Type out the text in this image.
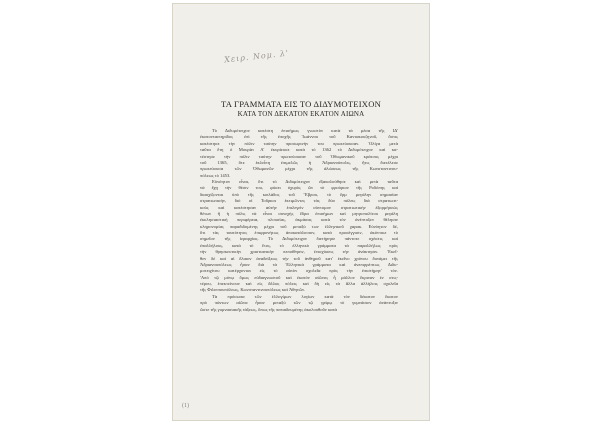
Χειρ. Νομ. λ'
ΤΑ ΓΡΑΜΜΑΤΑ ΕΙΣ ΤΟ ΔΙΔΥΜΟΤΕΙΧΟΝ
ΚΑΤΑ ΤΟΝ ΔΕΚΑΤΟΝ ΕΚΑΤΟΝ ΑΙΩΝΑ
Τὸ Διδυμότειχον κατέστη ἐπισήμως γνωστὸν κατὰ τὰ μέσα τῆς ΙΔ'
ἑκατονταετηρίδος ἐπὶ τῆς ἐποχῆς Ἰωάννου τοῦ Καντακουζηνοῦ, ὅστις
κατέστησε τὴν πόλιν ταύτην προσωρινὴν του πρωτεύουσαν. Ὀλίγα μετὰ
ταῦτα ἔτη ὁ Μουρὰτ Α' ἐκυρίευσε κατὰ τὸ 1362 τὸ Διδυμότειχον καὶ κα-
τέστησε τὴν πόλιν ταύτην πρωτεύουσαν τοῦ Ὀθωμανικοῦ κράτους μέχρι
τοῦ 1365, ὅτε ἐκλεἶπη ἐπιμελῶς ἡ Ἀδριανούπολις, ἥτις διετέλεσε
πρωτεύουσα τῶν Ὀθωμανῶν μέχρι τῆς ἁλώσεως τῆς Κωνσταντινου-
πόλεως τὸ 1453.
Εὐνόητον εἶναι, ὅτι τὸ Διδυμότειχον ἐξακολούθησε καὶ μετὰ ταῦτα
νὰ ἔχῃ τὴν θέσιν του, φύσει ὀχυρὸς ὢν τὸ φρούριον τῆς Ροδόπης καὶ
διασχίζονται ὑπὸ τῆς κοιλάδος τοῦ Ἕβρου, τὸ ἕρμ μεγάλην σημασίαν
στρατιωτικήν, διὸ οἱ Τοῦρκοι ἐκτιμῶντες τὰς δύο πόλεις διὰ στρατιωτι-
κοὺς καὶ κατέστησαν αὐτὴν ἐπιλεγεὶν σύντομον στρατιωτικὴν ἐξορμήσεώς
θέτων ἢ ἡ πόλις νὰ εἶναι συνεχὴς ἕδρα ἐπισήμων καὶ μητροπολίτου μεγάλη
ἐκκλησιαστικὴ περιφέρεια, πλουσίας, ἀκμάσας κατὰ τὸν ἀνέπτυξεν θέλησιν
κληρονομίας παραδιδομένης μέχρι τοῦ μεταξύ των ἑλληνικοῦ χαρακ. Εὐνόητον δέ,
ὅτι τὰς ταυτότητος ἐπιφρονήτως ἀποκατάλοιπον, κατὰ προσέγγισιν, ἀκόντικε τὸ
σημεῖον τῆς ἱεραρχίας. Τὸ Διδυμότειχον διετήρησε πάντοτε σχέσεις καὶ
ἐπαλλήλους, κατὰ τὸ ἔτος, τὸ ἑλληνικὸ γράμματα τὰ παραλλήλως πρὸς
τὴν θρησκευτικὴν χριστιανικὴν πεποίθησιν, ἐνισχύσεις τὴν ἀνάκτησιν. Ἐκεῖ-
θεν δὲ καὶ αἱ ἔλαιον ἀναδείξεως τὴν τοῦ ἀνθηροῦ κατ' ἐκεῖνο χρόνου δυνάμει τῆς
Ἀδριανουπόλεως ἦσαν διὰ τὰ Ἑλληνικὰ γράμματα καὶ ἀνεπιρρέπτως Διδυ-
μοτειχίτου κατέρχονται εἰς τὸ αὐτὸν σχολεῖα πρὸς τὴν ἐπιστήμην' τὸν.
'Από τῷ μόνῳ ὅμως εὐδιαγνωστοῦ καὶ ἑκατὸν αἰῶνος ἧ μάλλον ἔκριναν ἐν στις-
τέρου, ἐπεκτείνουν καὶ εἰς ἄλλας πόλεις καὶ δὴ εἰς τὰ ἄλλα ἀλλήλοις σχολεῖα
τῆς Φιλιππουπόλεως, Κωνσταντινουπόλεως καὶ Ἀθηνῶν.
Τὰ πρόσωπα τῶν ἐλλογίμων λογίων κατὰ τὸν δέκατον ἕκατον
πρὸ πάντων αἰῶνα ἦσαν μεταξὺ τῶν τῷ γρίφῳ τὸ γυμνάσιον ἀνάπτυξιν
ὥστε τῆς γυμνασιακῆς τάξεως, ὅπως τῆς πεπαιδευμένης ἀκολουθοῦν κατὰ
(1)
